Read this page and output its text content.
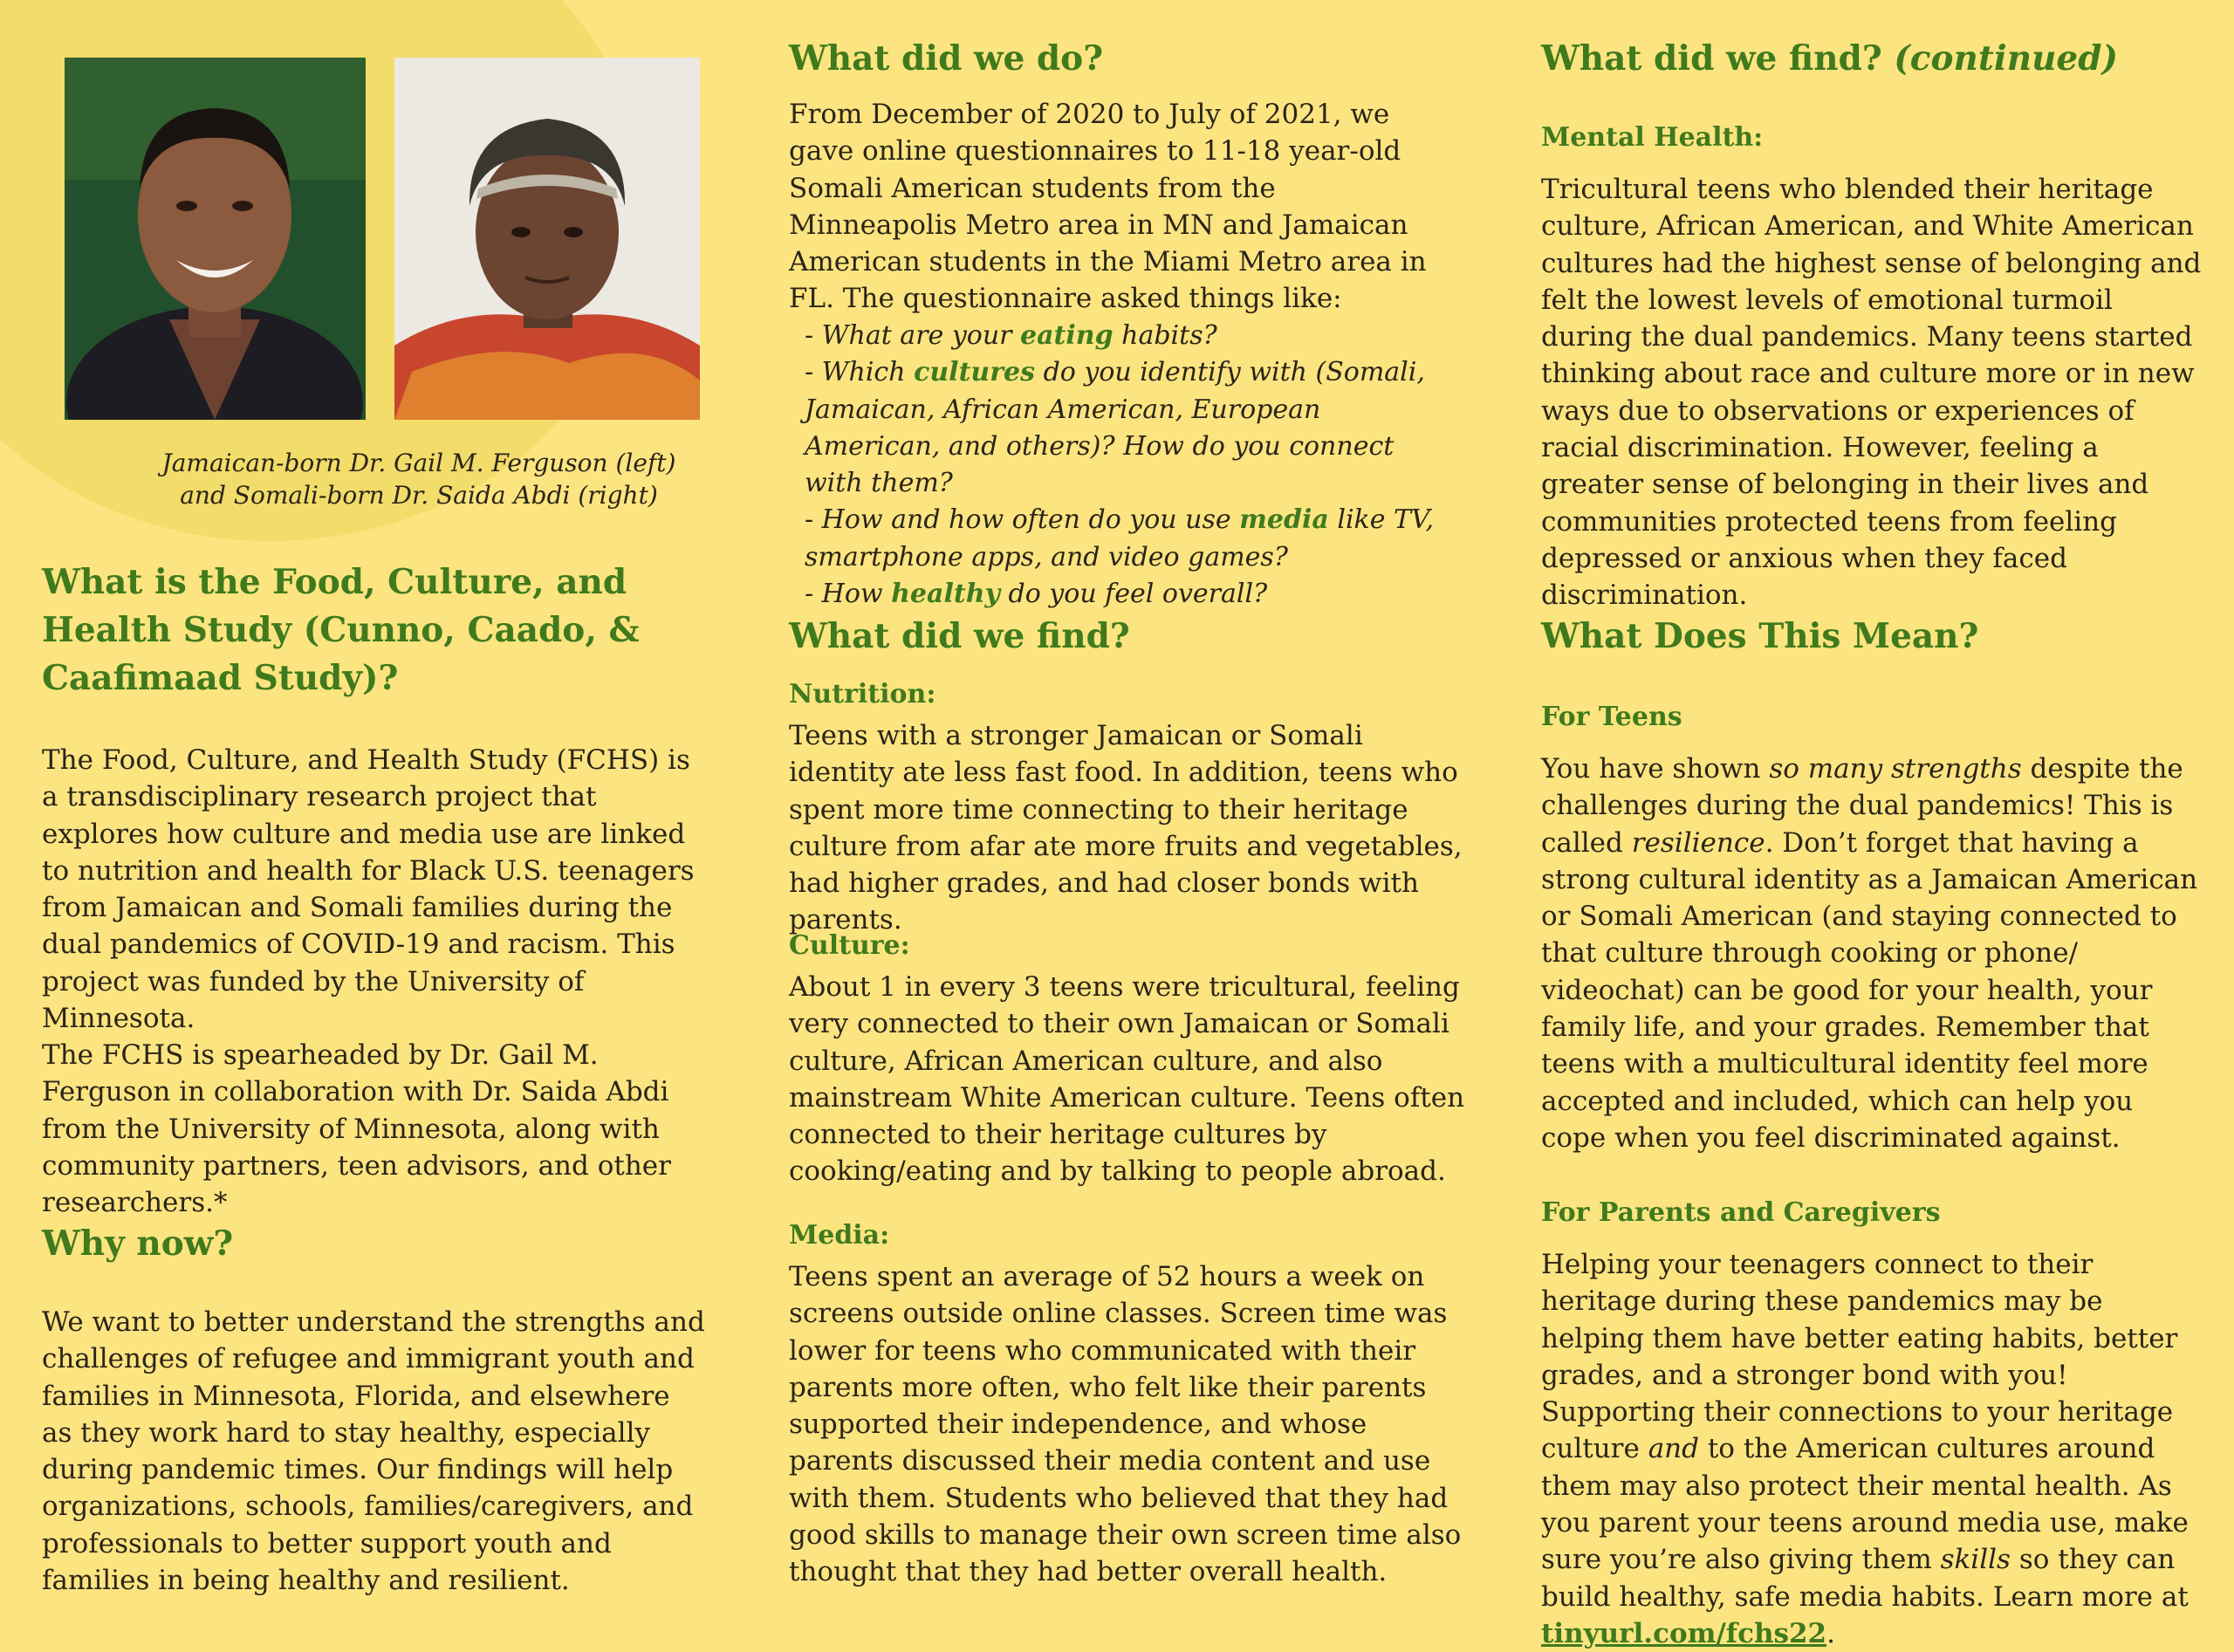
Jamaican-born Dr. Gail M. Ferguson (left)
and Somali-born Dr. Saida Abdi (right)
What is the Food, Culture, and Health Study (Cunno, Caado, & Caafimaad Study)?

The Food, Culture, and Health Study (FCHS) is a transdisciplinary research project that explores how culture and media use are linked to nutrition and health for Black U.S. teenagers from Jamaican and Somali families during the dual pandemics of COVID-19 and racism. This project was funded by the University of Minnesota.

The FCHS is spearheaded by Dr. Gail M. Ferguson in collaboration with Dr. Saida Abdi from the University of Minnesota, along with community partners, teen advisors, and other researchers.*

Why now?

We want to better understand the strengths and challenges of refugee and immigrant youth and families in Minnesota, Florida, and elsewhere as they work hard to stay healthy, especially during pandemic times. Our findings will help organizations, schools, families/caregivers, and professionals to better support youth and families in being healthy and resilient.

What did we do?

From December of 2020 to July of 2021, we gave online questionnaires to 11-18 year-old Somali American students from the Minneapolis Metro area in MN and Jamaican American students in the Miami Metro area in FL. The questionnaire asked things like:

- What are your eating habits?

- Which cultures do you identify with (Somali, Jamaican, African American, European American, and others)? How do you connect with them?

- How and how often do you use media like TV, smartphone apps, and video games?

- How healthy do you feel overall?

What did we find?
Nutrition:

Teens with a stronger Jamaican or Somali identity ate less fast food. In addition, teens who spent more time connecting to their heritage culture from afar ate more fruits and vegetables, had higher grades, and had closer bonds with parents.

Culture:

About 1 in every 3 teens were tricultural, feeling very connected to their own Jamaican or Somali culture, African American culture, and also mainstream White American culture. Teens often connected to their heritage cultures by cooking/eating and by talking to people abroad.

Media:

Teens spent an average of 52 hours a week on screens outside online classes. Screen time was lower for teens who communicated with their parents more often, who felt like their parents supported their independence, and whose parents discussed their media content and use with them. Students who believed that they had good skills to manage their own screen time also thought that they had better overall health.

What did we find? (continued)
Mental Health:

Tricultural teens who blended their heritage culture, African American, and White American cultures had the highest sense of belonging and felt the lowest levels of emotional turmoil during the dual pandemics. Many teens started thinking about race and culture more or in new ways due to observations or experiences of racial discrimination. However, feeling a greater sense of belonging in their lives and communities protected teens from feeling depressed or anxious when they faced discrimination.

What Does This Mean?
For Teens

You have shown so many strengths despite the challenges during the dual pandemics! This is called resilience. Don’t forget that having a strong cultural identity as a Jamaican American or Somali American (and staying connected to that culture through cooking or phone/ videochat) can be good for your health, your family life, and your grades. Remember that teens with a multicultural identity feel more accepted and included, which can help you cope when you feel discriminated against.

For Parents and Caregivers

Helping your teenagers connect to their heritage during these pandemics may be helping them have better eating habits, better grades, and a stronger bond with you! Supporting their connections to your heritage culture and to the American cultures around them may also protect their mental health. As you parent your teens around media use, make sure you’re also giving them skills so they can build healthy, safe media habits. Learn more at tinyurl.com/fchs22.
